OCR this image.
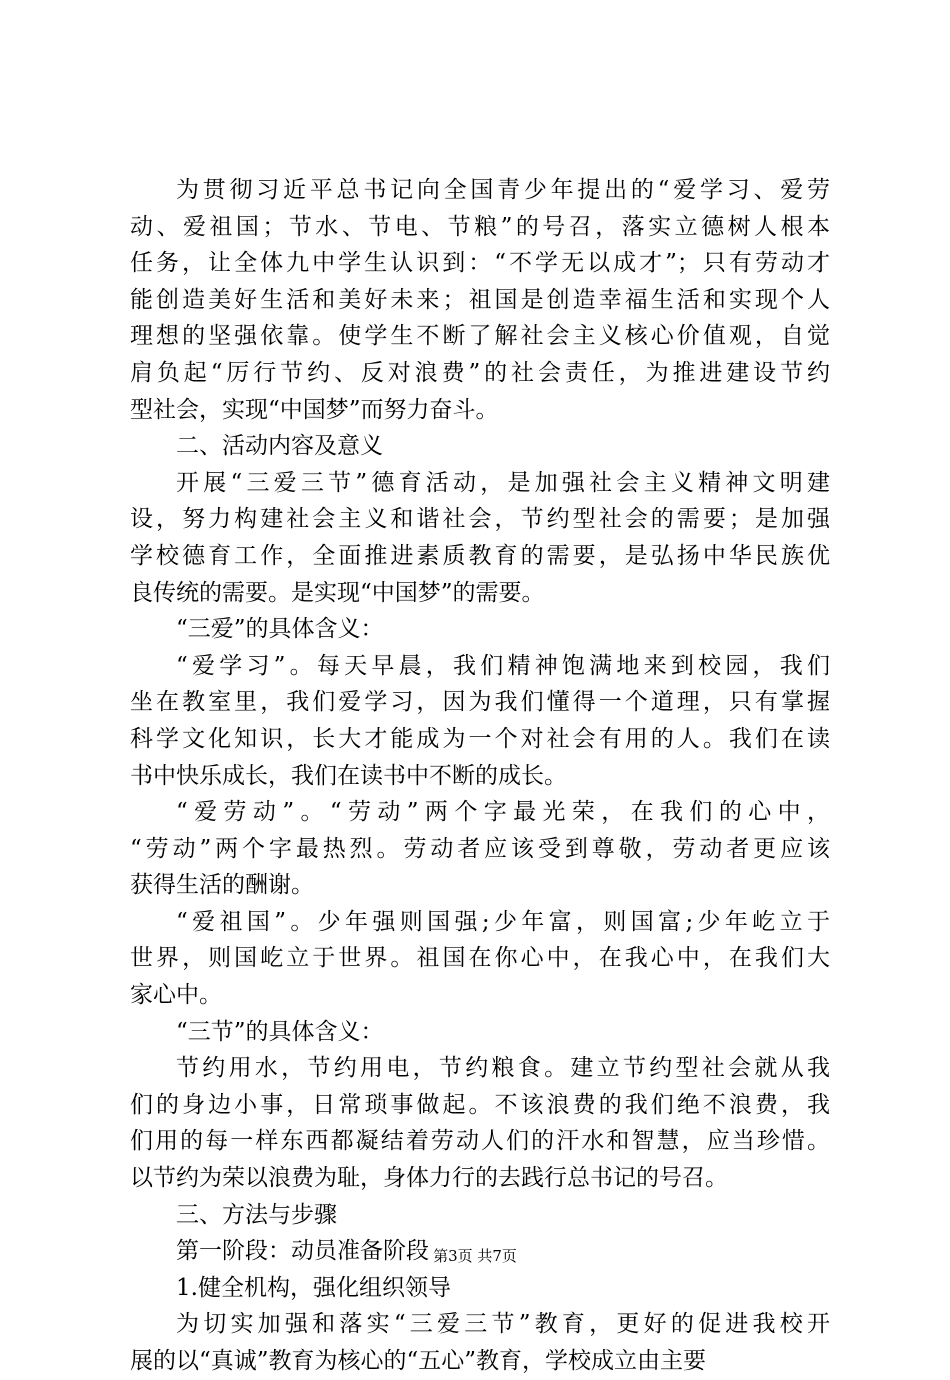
为贯彻习近平总书记向全国青少年提出的“爱学习、爱劳
动、爱祖国；节水、节电、节粮”的号召，落实立德树人根本
任务，让全体九中学生认识到：“不学无以成才”；只有劳动才
能创造美好生活和美好未来；祖国是创造幸福生活和实现个人
理想的坚强依靠。使学生不断了解社会主义核心价值观，自觉
肩负起“厉行节约、反对浪费”的社会责任，为推进建设节约
型社会，实现“中国梦”而努力奋斗。
二、活动内容及意义
开展“三爱三节”德育活动，是加强社会主义精神文明建
设，努力构建社会主义和谐社会，节约型社会的需要；是加强
学校德育工作，全面推进素质教育的需要，是弘扬中华民族优
良传统的需要。是实现“中国梦”的需要。
“三爱”的具体含义：
“爱学习”。每天早晨，我们精神饱满地来到校园，我们
坐在教室里，我们爱学习，因为我们懂得一个道理，只有掌握
科学文化知识，长大才能成为一个对社会有用的人。我们在读
书中快乐成长，我们在读书中不断的成长。
“爱劳动”。“劳动”两个字最光荣，在我们的心中，
“劳动”两个字最热烈。劳动者应该受到尊敬，劳动者更应该
获得生活的酬谢。
“爱祖国”。少年强则国强;少年富，则国富;少年屹立于
世界，则国屹立于世界。祖国在你心中，在我心中，在我们大
家心中。
“三节”的具体含义：
节约用水，节约用电，节约粮食。建立节约型社会就从我
们的身边小事，日常琐事做起。不该浪费的我们绝不浪费，我
们用的每一样东西都凝结着劳动人们的汗水和智慧，应当珍惜。
以节约为荣以浪费为耻，身体力行的去践行总书记的号召。
三、方法与步骤
第一阶段：动员准备阶段
1.健全机构，强化组织领导
为切实加强和落实“三爱三节”教育，更好的促进我校开
展的以“真诚”教育为核心的“五心”教育，学校成立由主要
第3页 共7页
